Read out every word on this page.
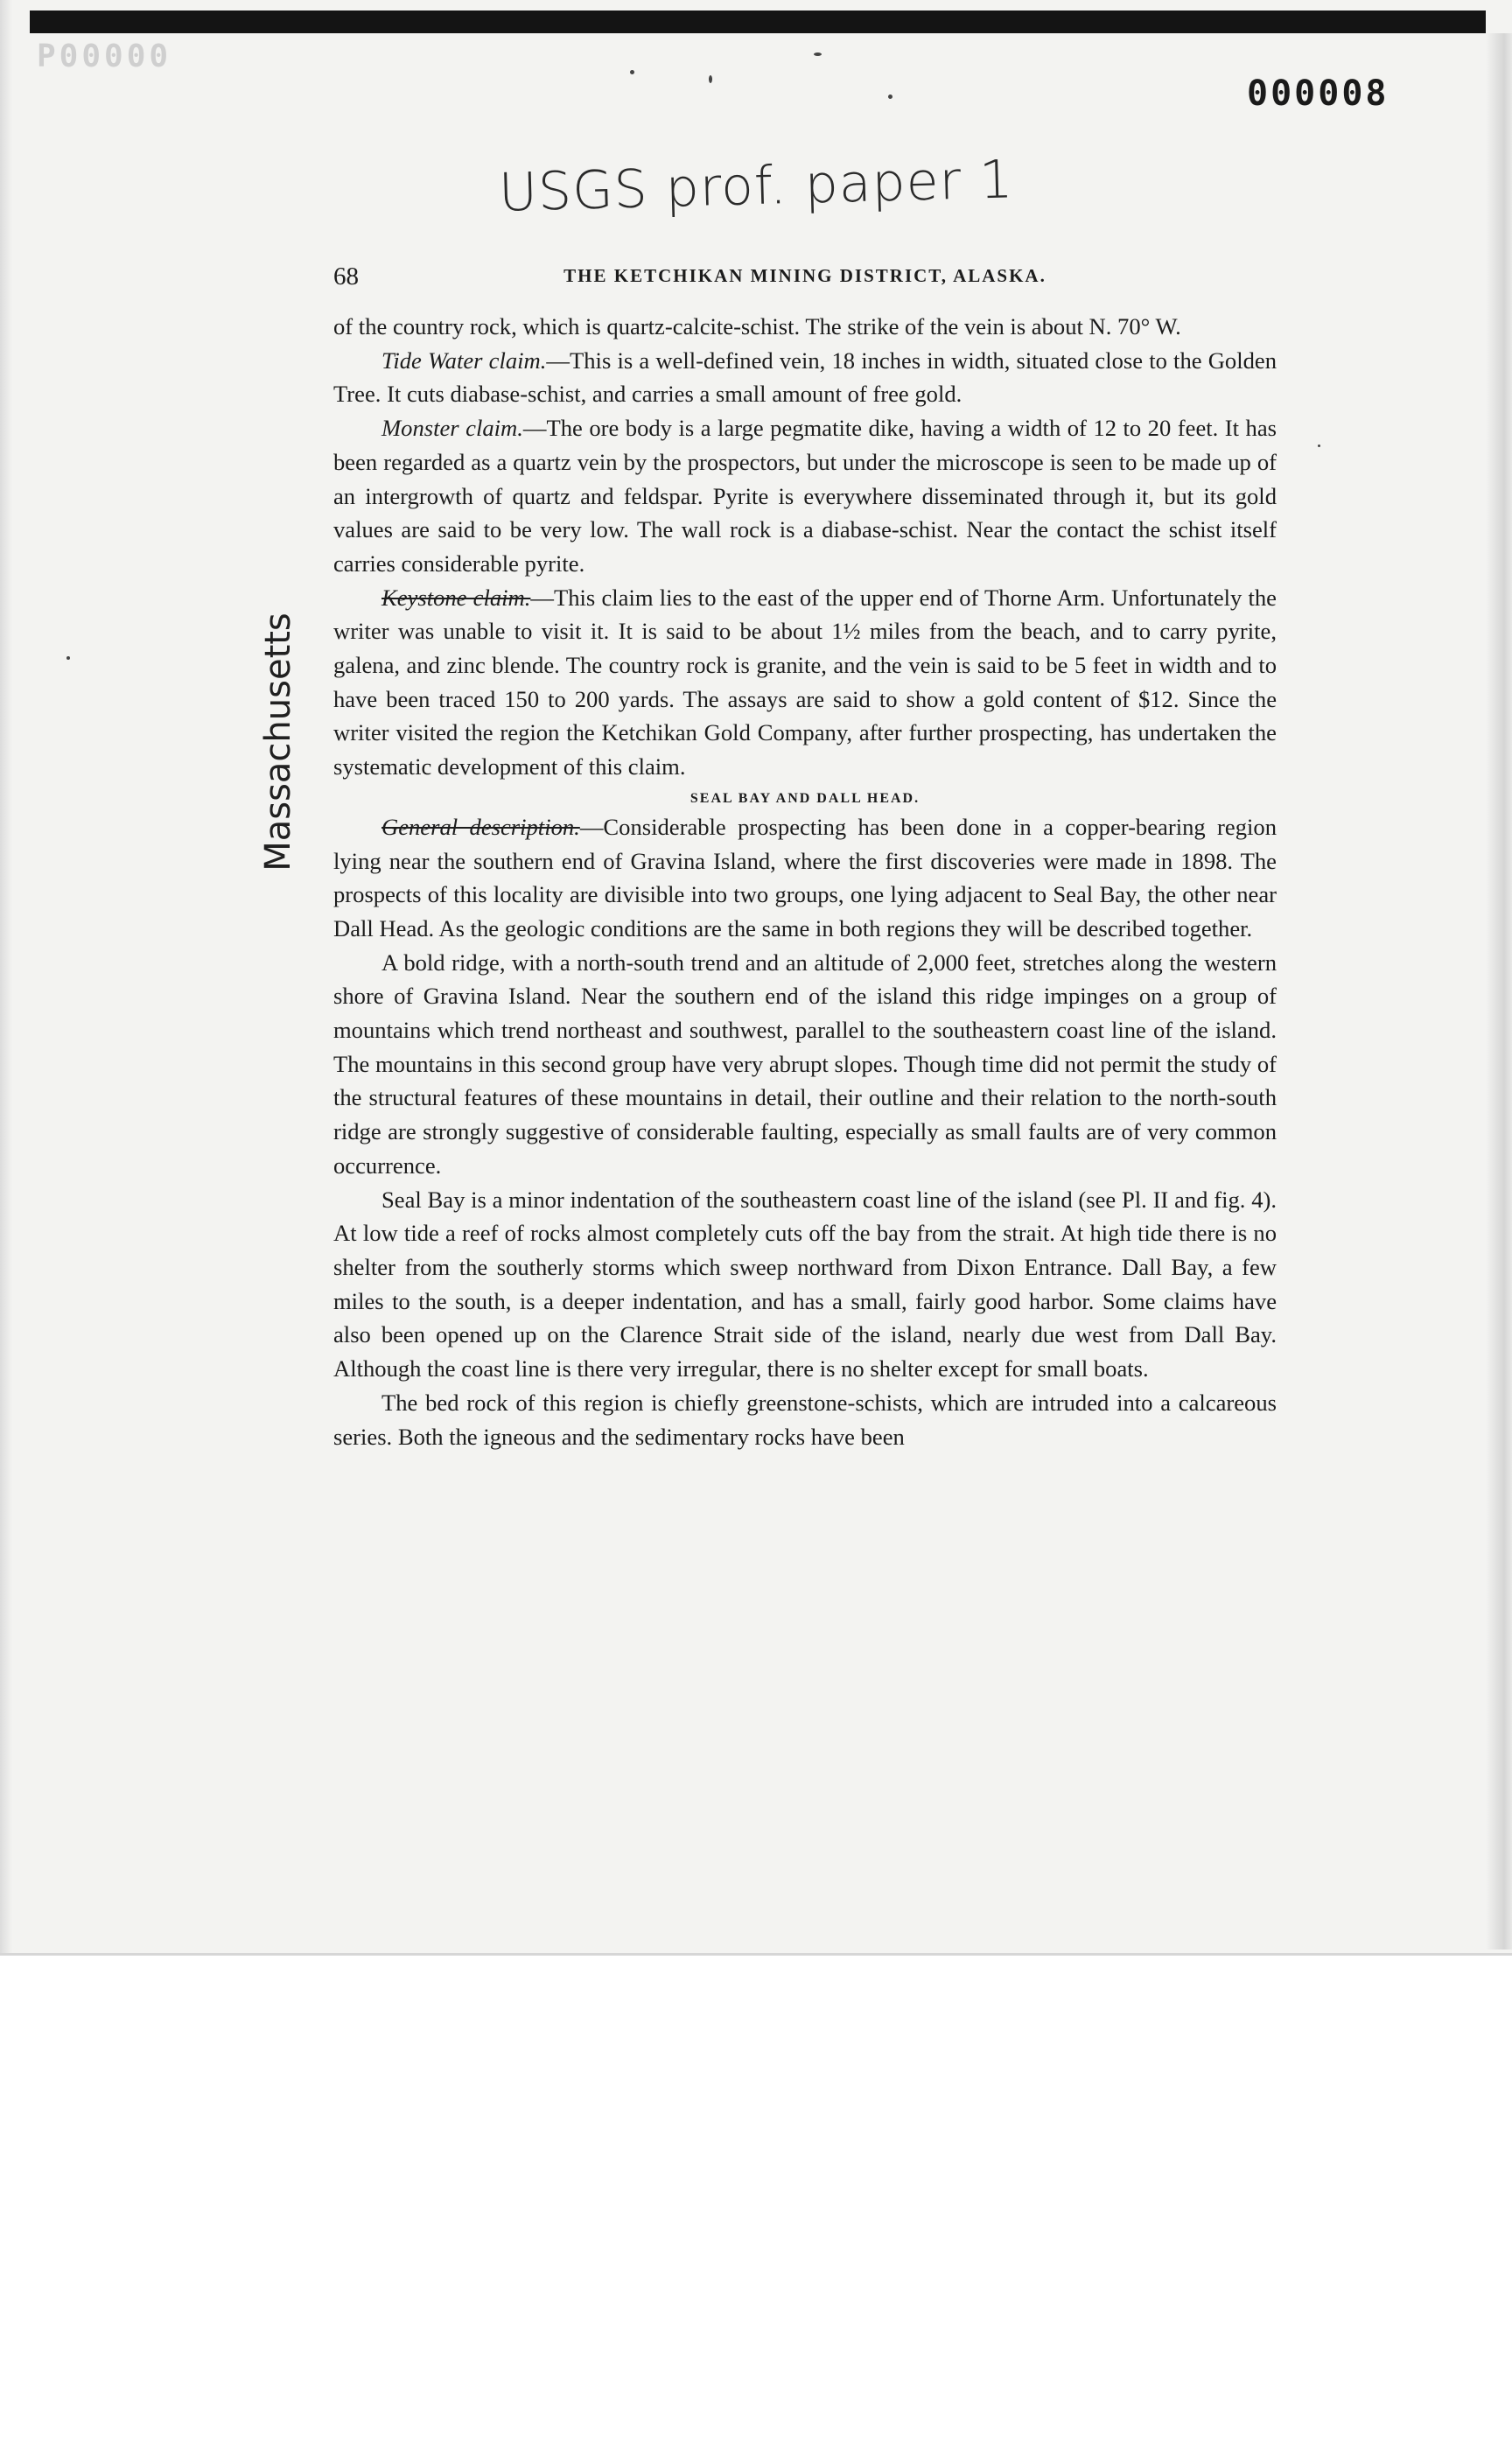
P00000
000008
USGS prof. paper 1
Massachusetts
68	THE KETCHIKAN MINING DISTRICT, ALASKA.

of the country rock, which is quartz-calcite-schist. The strike of the vein is about N. 70° W.

Tide Water claim.—This is a well-defined vein, 18 inches in width, situated close to the Golden Tree. It cuts diabase-schist, and carries a small amount of free gold.

Monster claim.—The ore body is a large pegmatite dike, having a width of 12 to 20 feet. It has been regarded as a quartz vein by the prospectors, but under the microscope is seen to be made up of an intergrowth of quartz and feldspar. Pyrite is everywhere disseminated through it, but its gold values are said to be very low. The wall rock is a diabase-schist. Near the contact the schist itself carries considerable pyrite.

Keystone claim.—This claim lies to the east of the upper end of Thorne Arm. Unfortunately the writer was unable to visit it. It is said to be about 1½ miles from the beach, and to carry pyrite, galena, and zinc blende. The country rock is granite, and the vein is said to be 5 feet in width and to have been traced 150 to 200 yards. The assays are said to show a gold content of $12. Since the writer visited the region the Ketchikan Gold Company, after further prospecting, has undertaken the systematic development of this claim.

SEAL BAY AND DALL HEAD.

General description.—Considerable prospecting has been done in a copper-bearing region lying near the southern end of Gravina Island, where the first discoveries were made in 1898. The prospects of this locality are divisible into two groups, one lying adjacent to Seal Bay, the other near Dall Head. As the geologic conditions are the same in both regions they will be described together.

A bold ridge, with a north-south trend and an altitude of 2,000 feet, stretches along the western shore of Gravina Island. Near the southern end of the island this ridge impinges on a group of mountains which trend northeast and southwest, parallel to the southeastern coast line of the island. The mountains in this second group have very abrupt slopes. Though time did not permit the study of the structural features of these mountains in detail, their outline and their relation to the north-south ridge are strongly suggestive of considerable faulting, especially as small faults are of very common occurrence.

Seal Bay is a minor indentation of the southeastern coast line of the island (see Pl. II and fig. 4). At low tide a reef of rocks almost completely cuts off the bay from the strait. At high tide there is no shelter from the southerly storms which sweep northward from Dixon Entrance. Dall Bay, a few miles to the south, is a deeper indentation, and has a small, fairly good harbor. Some claims have also been opened up on the Clarence Strait side of the island, nearly due west from Dall Bay. Although the coast line is there very irregular, there is no shelter except for small boats.

The bed rock of this region is chiefly greenstone-schists, which are intruded into a calcareous series. Both the igneous and the sedimentary rocks have been
